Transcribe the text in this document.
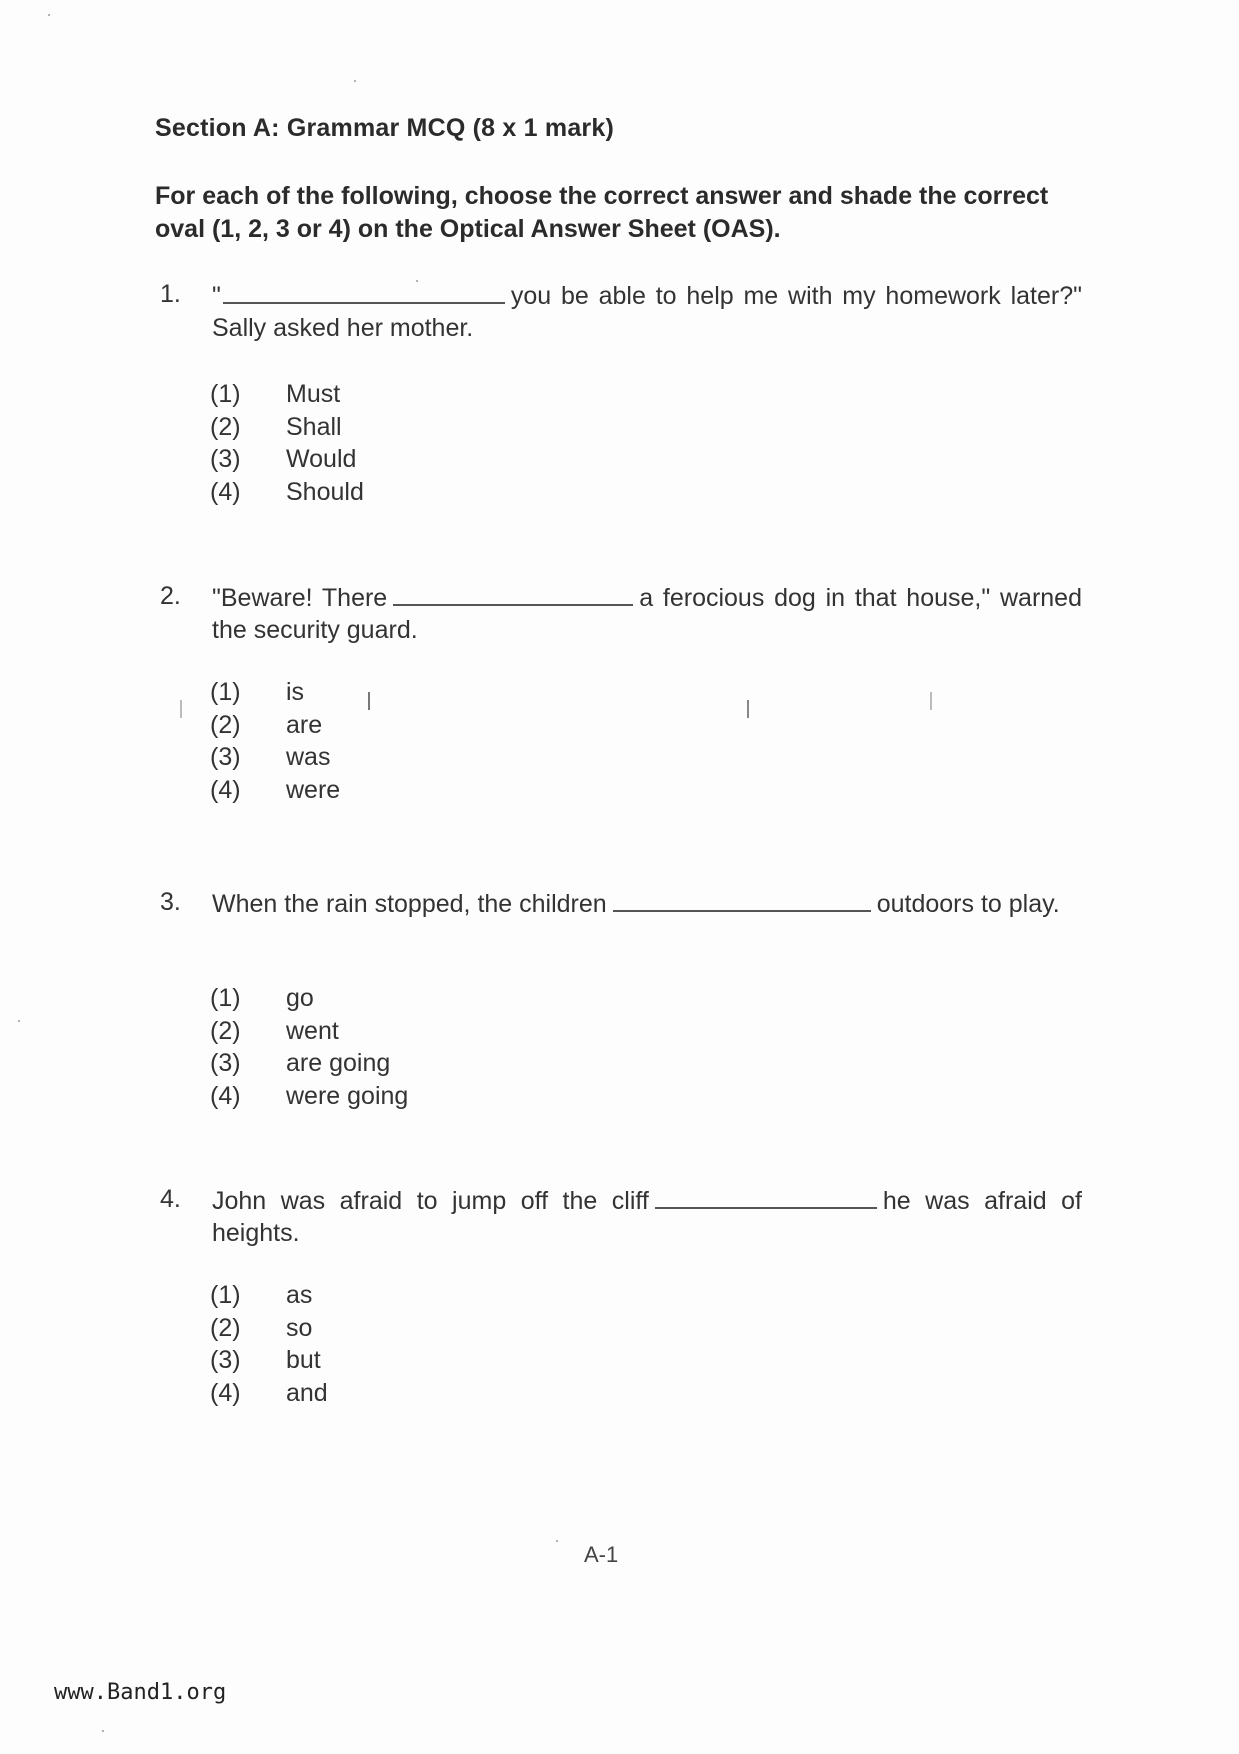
Section A: Grammar MCQ (8 x 1 mark)
For each of the following, choose the correct answer and shade the correct oval (1, 2, 3 or 4) on the Optical Answer Sheet (OAS).
1. "	you be able to help me with my homework later?" Sally asked her mother.
(1) Must
(2) Shall
(3) Would
(4) Should
2. "Beware! There	a ferocious dog in that house," warned the security guard.
(1) is
(2) are
(3) was
(4) were
3. When the rain stopped, the children	outdoors to play.
(1) go
(2) went
(3) are going
(4) were going
4. John was afraid to jump off the cliff	he was afraid of heights.
(1) as
(2) so
(3) but
(4) and
A-1
www.Band1.org
